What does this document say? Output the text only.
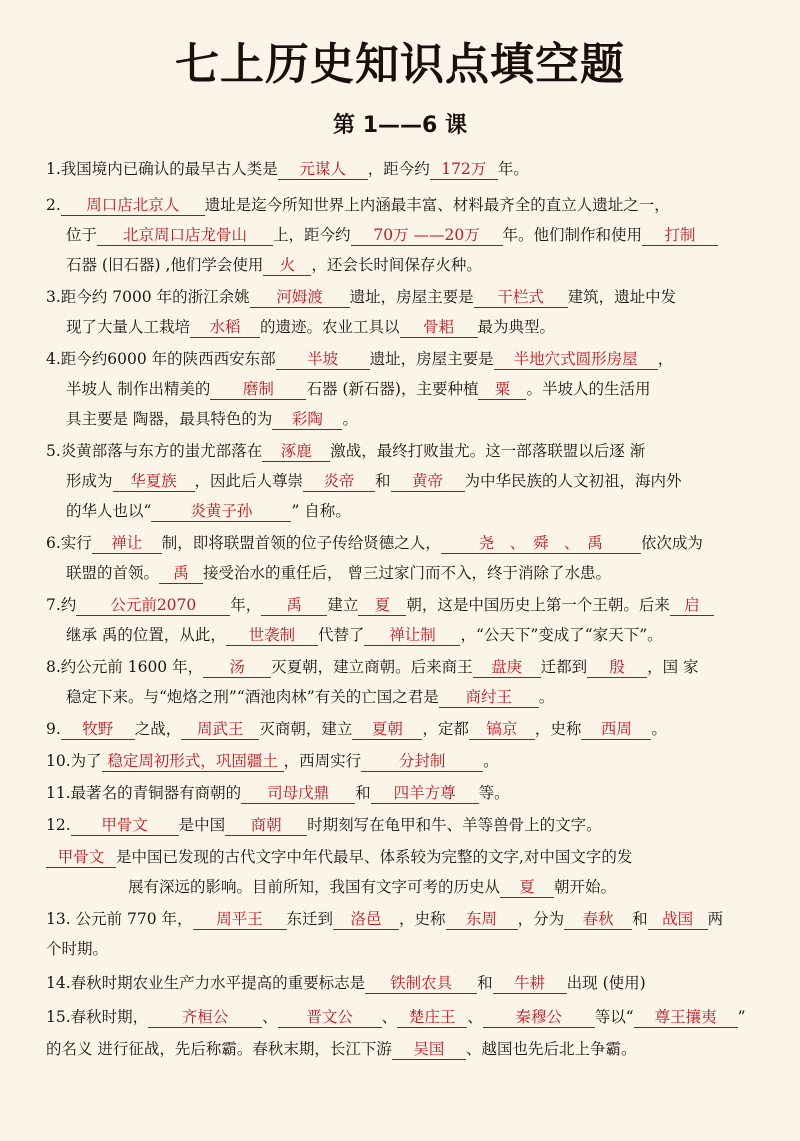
七上历史知识点填空题
第 1——6 课
1.我国境内已确认的最早古人类是 元谋人 ，距今约 172万 年。
2. 周口店北京人 遗址是迄今所知世界上内涵最丰富、材料最齐全的直立人遗址之一，
位于 北京周口店龙骨山 上，距今约 70万 ——20万 年。他们制作和使用 打制
石器 (旧石器) ,他们学会使用 火 ，还会长时间保存火种。
3.距今约 7000 年的浙江余姚 河姆渡 遗址，房屋主要是 干栏式 建筑，遗址中发
现了大量人工栽培 水稻 的遗迹。农业工具以 骨耜 最为典型。
4.距今约6000 年的陕西西安东部 半坡 遗址，房屋主要是 半地穴式圆形房屋 ，
半坡人 制作出精美的 磨制 石器 (新石器)，主要种植 粟 。半坡人的生活用
具主要是 陶器，最具特色的为 彩陶 。
5.炎黄部落与东方的蚩尤部落在 涿鹿 激战，最终打败蚩尤。这一部落联盟以后逐 渐
形成为 华夏族 ，因此后人尊崇 炎帝 和 黄帝 为中华民族的人文初祖，海内外
的华人也以“	炎黄子孙	” 自称。
6.实行 禅让 制，即将联盟首领的位子传给贤德之人， 尧　、　舜　、　禹 依次成为
联盟的首领。 禹 接受治水的重任后， 曾三过家门而不入，终于消除了水患。
7.约 公元前2070 年， 禹 建立 夏 朝，这是中国历史上第一个王朝。后来 启
继承 禹的位置，从此， 世袭制 代替了 禅让制 ，“公天下”变成了“家天下”。
8.约公元前 1600 年， 汤 灭夏朝，建立商朝。后来商王 盘庚 迁都到 殷 ，国 家
稳定下来。与“炮烙之刑”“酒池肉林”有关的亡国之君是 商纣王 。
9. 牧野 之战， 周武王 灭商朝，建立 夏朝 ，定都 镐京 ，史称 西周 。
10.为了 稳定周初形式，巩固疆土 ，西周实行 分封制 。
11.最著名的青铜器有商朝的 司母戊鼎 和 四羊方尊 等。
12. 甲骨文 是中国 商朝 时期刻写在龟甲和牛、羊等兽骨上的文字。
甲骨文 是中国已发现的古代文字中年代最早、体系较为完整的文字,对中国文字的发
展有深远的影响。目前所知，我国有文字可考的历史从 夏 朝开始。
13. 公元前 770 年， 周平王 东迁到 洛邑 ，史称 东周 ，分为 春秋 和 战国 两
个时期。
14.春秋时期农业生产力水平提高的重要标志是 铁制农具 和 牛耕 出现 (使用)
15.春秋时期， 齐桓公 、 晋文公 、 楚庄王 、 秦穆公 等以“ 尊王攘夷 ”
的名义 进行征战，先后称霸。春秋末期，长江下游 吴国 、越国也先后北上争霸。
